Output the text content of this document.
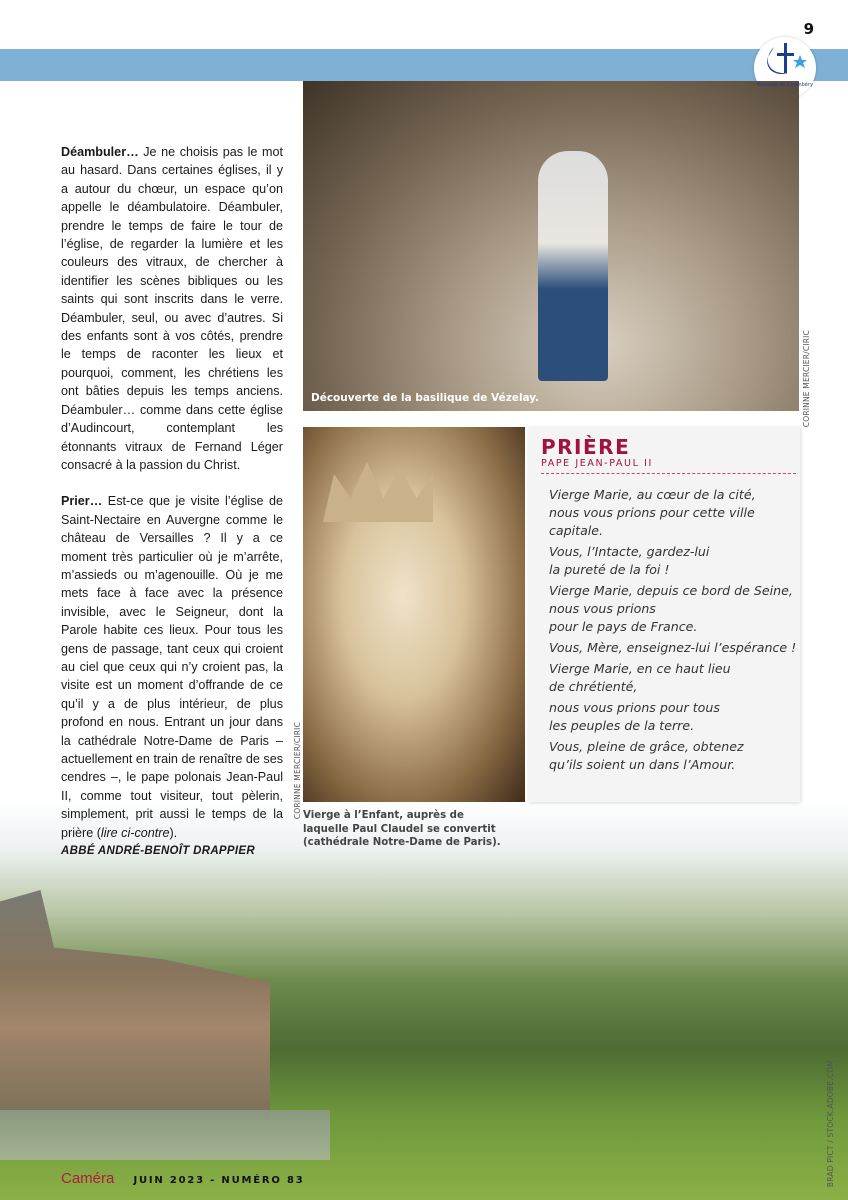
BRAD PICT / STOCK.ADOBE.COM
9
Paroisse de Chambéry

Déambuler… Je ne choisis pas le mot au hasard. Dans certaines églises, il y a autour du chœur, un espace qu’on appelle le déambulatoire. Déambuler, prendre le temps de faire le tour de l’église, de regarder la lumière et les couleurs des vitraux, de chercher à identifier les scènes bibliques ou les saints qui sont inscrits dans le verre. Déambuler, seul, ou avec d’autres. Si des enfants sont à vos côtés, prendre le temps de raconter les lieux et pourquoi, comment, les chrétiens les ont bâties depuis les temps anciens. Déambuler… comme dans cette église d’Audincourt, contemplant les étonnants vitraux de Fernand Léger consacré à la passion du Christ.

Prier… Est-ce que je visite l’église de Saint-Nectaire en Auvergne comme le château de Versailles ? Il y a ce moment très particulier où je m’arrête, m’assieds ou m’agenouille. Où je me mets face à face avec la présence invisible, avec le Seigneur, dont la Parole habite ces lieux. Pour tous les gens de passage, tant ceux qui croient au ciel que ceux qui n’y croient pas, la visite est un moment d’offrande de ce qu’il y a de plus intérieur, de plus profond en nous. Entrant un jour dans la cathédrale Notre-Dame de Paris – actuellement en train de renaître de ses cendres –, le pape polonais Jean-Paul II, comme tout visiteur, tout pèlerin, simplement, prit aussi le temps de la prière (lire ci-contre).

ABBÉ ANDRÉ-BENOÎT DRAPPIER
Découverte de la basilique de Vézelay.	CORINNE MERCIER/CIRIC
CORINNE MERCIER/CIRIC Vierge à l’Enfant, auprès de laquelle Paul Claudel se convertit (cathédrale Notre-Dame de Paris).
PRIÈRE
PAPE JEAN-PAUL II
Vierge Marie, au cœur de la cité,
nous vous prions pour cette ville
capitale.
Vous, l’Intacte, gardez-lui
la pureté de la foi !
Vierge Marie, depuis ce bord de Seine,
nous vous prions
pour le pays de France.
Vous, Mère, enseignez-lui l’espérance !
Vierge Marie, en ce haut lieu
de chrétienté,
nous vous prions pour tous
les peuples de la terre.
Vous, pleine de grâce, obtenez
qu’ils soient un dans l’Amour.
Caméra JUIN 2023 - NUMÉRO 83
